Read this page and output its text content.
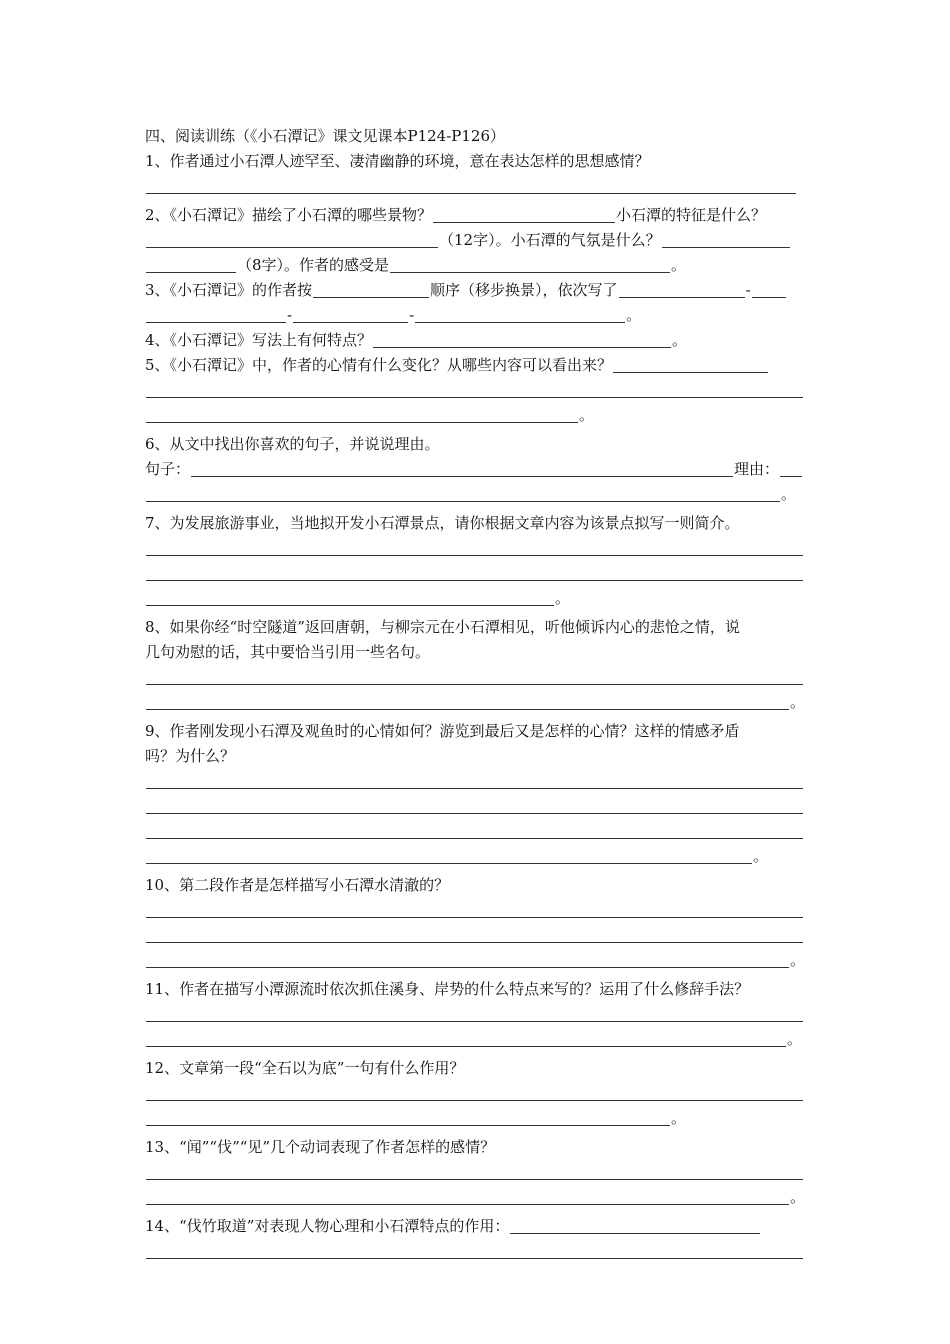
四、阅读训练（《小石潭记》课文见课本P124-P126）
1、作者通过小石潭人迹罕至、凄清幽静的环境，意在表达怎样的思想感情？
2、《小石潭记》描绘了小石潭的哪些景物？	小石潭的特征是什么？
（12字）。小石潭的气氛是什么？
（8字）。作者的感受是	。
3、《小石潭记》的作者按	顺序（移步换景），依次写了	-
-	-	。
4、《小石潭记》写法上有何特点？	。
5、《小石潭记》中，作者的心情有什么变化？从哪些内容可以看出来？
。
6、从文中找出你喜欢的句子，并说说理由。
句子：	理由：
。
7、为发展旅游事业，当地拟开发小石潭景点，请你根据文章内容为该景点拟写一则简介。
。
8、如果你经“时空隧道”返回唐朝，与柳宗元在小石潭相见，听他倾诉内心的悲怆之情，说
几句劝慰的话，其中要恰当引用一些名句。
。
9、作者刚发现小石潭及观鱼时的心情如何？游览到最后又是怎样的心情？这样的情感矛盾
吗？为什么？
。
10、第二段作者是怎样描写小石潭水清澈的？
。
11、作者在描写小潭源流时依次抓住溪身、岸势的什么特点来写的？运用了什么修辞手法？
。
12、文章第一段“全石以为底”一句有什么作用？
。
13、“闻”“伐”“见”几个动词表现了作者怎样的感情？
。
14、“伐竹取道”对表现人物心理和小石潭特点的作用：
